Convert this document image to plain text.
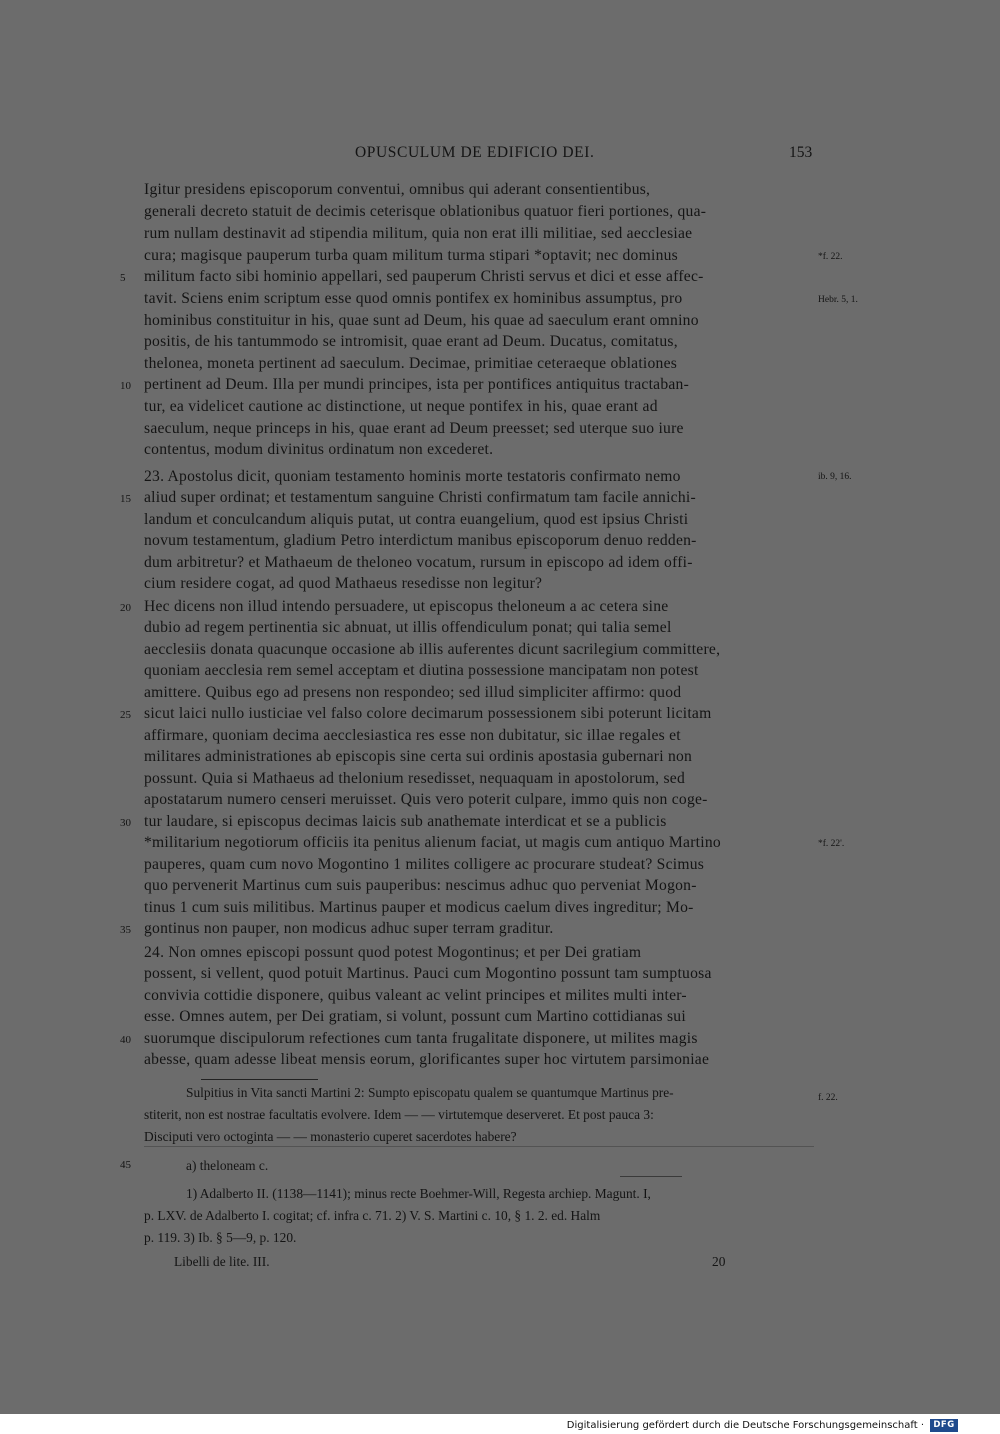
OPUSCULUM DE EDIFICIO DEI.	153
Igitur presidens episcoporum conventui, omnibus qui aderant consentientibus,
generali decreto statuit de decimis ceterisque oblationibus quatuor fieri portiones, qua-
rum nullam destinavit ad stipendia militum, quia non erat illi militiae, sed aecclesiae
cura; magisque pauperum turba quam militum turma stipari *optavit; nec dominus
militum facto sibi hominio appellari, sed pauperum Christi servus et dici et esse affec-
tavit. Sciens enim scriptum esse quod omnis pontifex ex hominibus assumptus, pro
hominibus constituitur in his, quae sunt ad Deum, his quae ad saeculum erant omnino
positis, de his tantummodo se intromisit, quae erant ad Deum. Ducatus, comitatus,
thelonea, moneta pertinent ad saeculum. Decimae, primitiae ceteraeque oblationes
pertinent ad Deum. Illa per mundi principes, ista per pontifices antiquitus tractaban-
tur, ea videlicet cautione ac distinctione, ut neque pontifex in his, quae erant ad
saeculum, neque princeps in his, quae erant ad Deum preesset; sed uterque suo iure
contentus, modum divinitus ordinatum non excederet.
23. Apostolus dicit, quoniam testamento hominis morte testatoris confirmato nemo
aliud super ordinat; et testamentum sanguine Christi confirmatum tam facile annichi-
landum et conculcandum aliquis putat, ut contra euangelium, quod est ipsius Christi
novum testamentum, gladium Petro interdictum manibus episcoporum denuo redden-
dum arbitretur? et Mathaeum de theloneo vocatum, rursum in episcopo ad idem offi-
cium residere cogat, ad quod Mathaeus resedisse non legitur?
Hec dicens non illud intendo persuadere, ut episcopus theloneum a ac cetera sine
dubio ad regem pertinentia sic abnuat, ut illis offendiculum ponat; qui talia semel
aecclesiis donata quacunque occasione ab illis auferentes dicunt sacrilegium committere,
quoniam aecclesia rem semel acceptam et diutina possessione mancipatam non potest
amittere. Quibus ego ad presens non respondeo; sed illud simpliciter affirmo: quod
sicut laici nullo iusticiae vel falso colore decimarum possessionem sibi poterunt licitam
affirmare, quoniam decima aecclesiastica res esse non dubitatur, sic illae regales et
militares administrationes ab episcopis sine certa sui ordinis apostasia gubernari non
possunt. Quia si Mathaeus ad thelonium resedisset, nequaquam in apostolorum, sed
apostatarum numero censeri meruisset. Quis vero poterit culpare, immo quis non coge-
tur laudare, si episcopus decimas laicis sub anathemate interdicat et se a publicis
*militarium negotiorum officiis ita penitus alienum faciat, ut magis cum antiquo Martino
pauperes, quam cum novo Mogontino 1 milites colligere ac procurare studeat? Scimus
quo pervenerit Martinus cum suis pauperibus: nescimus adhuc quo perveniat Mogon-
tinus 1 cum suis militibus. Martinus pauper et modicus caelum dives ingreditur; Mo-
gontinus non pauper, non modicus adhuc super terram graditur.
24. Non omnes episcopi possunt quod potest Mogontinus; et per Dei gratiam
possent, si vellent, quod potuit Martinus. Pauci cum Mogontino possunt tam sumptuosa
convivia cottidie disponere, quibus valeant ac velint principes et milites multi inter-
esse. Omnes autem, per Dei gratiam, si volunt, possunt cum Martino cottidianas sui
suorumque discipulorum refectiones cum tanta frugalitate disponere, ut milites magis
abesse, quam adesse libeat mensis eorum, glorificantes super hoc virtutem parsimoniae
5
10
15
20
25
30
35
40
45
*f. 22.
Hebr. 5, 1.
ib. 9, 16.
*f. 22'.
f. 22.
Sulpitius in Vita sancti Martini 2: Sumpto episcopatu qualem se quantumque Martinus pre-
stiterit, non est nostrae facultatis evolvere. Idem — — virtutemque deserveret. Et post pauca 3:
Disciputi vero octoginta — — monasterio cuperet sacerdotes habere?
a) theloneam c.
1) Adalberto II. (1138—1141); minus recte Boehmer-Will, Regesta archiep. Magunt. I,
p. LXV. de Adalberto I. cogitat; cf. infra c. 71. 2) V. S. Martini c. 10, § 1. 2. ed. Halm
p. 119. 3) Ib. § 5—9, p. 120.
Libelli de lite. III.	20
Digitalisierung gefördert durch die Deutsche Forschungsgemeinschaft ·	DFG
